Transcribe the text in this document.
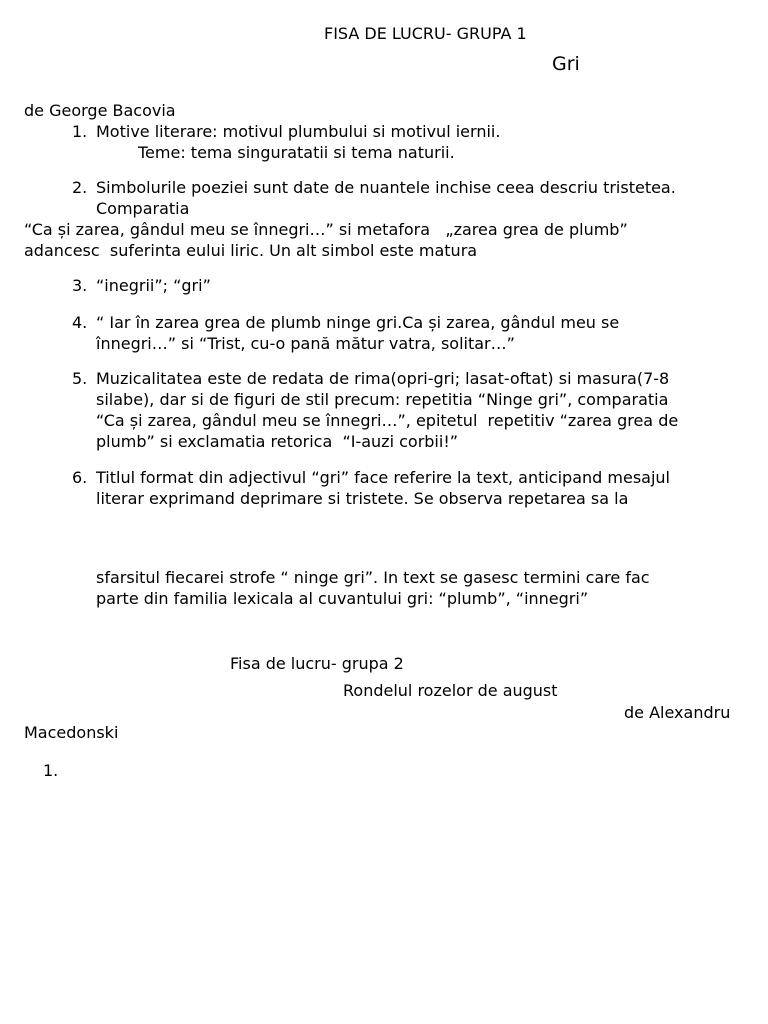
FISA DE LUCRU- GRUPA 1
Gri
de George Bacovia
1. Motive literare: motivul plumbului si motivul iernii.
Teme: tema singuratatii si tema naturii.
2. Simbolurile poeziei sunt date de nuantele inchise ceea descriu tristetea.
Comparatia
“Ca și zarea, gândul meu se înnegri…” si metafora   „zarea grea de plumb”
adancesc  suferinta eului liric. Un alt simbol este matura
3. “inegrii”; “gri”
4. “ Iar în zarea grea de plumb ninge gri.Ca și zarea, gândul meu se
înnegri…” si “Trist, cu-o pană mătur vatra, solitar…”
5. Muzicalitatea este de redata de rima(opri-gri; lasat-oftat) si masura(7-8
silabe), dar si de figuri de stil precum: repetitia “Ninge gri”, comparatia
“Ca și zarea, gândul meu se înnegri…”, epitetul  repetitiv “zarea grea de
plumb” si exclamatia retorica  “I-auzi corbii!”
6. Titlul format din adjectivul “gri” face referire la text, anticipand mesajul
literar exprimand deprimare si tristete. Se observa repetarea sa la
sfarsitul fiecarei strofe “ ninge gri”. In text se gasesc termini care fac
parte din familia lexicala al cuvantului gri: “plumb”, “innegri”
Fisa de lucru- grupa 2
Rondelul rozelor de august
de Alexandru
Macedonski
1.
